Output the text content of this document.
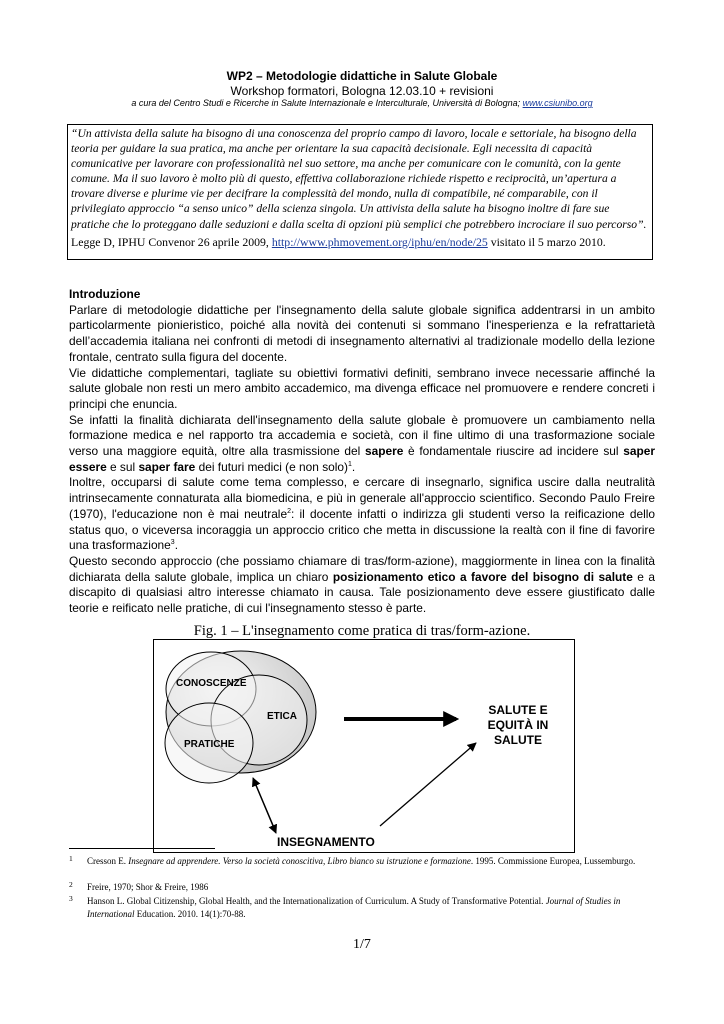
WP2 – Metodologie didattiche in Salute Globale
Workshop formatori, Bologna 12.03.10 + revisioni
a cura del Centro Studi e Ricerche in Salute Internazionale e Interculturale, Università di Bologna; www.csiunibo.org

“Un attivista della salute ha bisogno di una conoscenza del proprio campo di lavoro, locale e settoriale, ha bisogno della teoria per guidare la sua pratica, ma anche per orientare la sua capacità decisionale. Egli necessita di capacità comunicative per lavorare con professionalità nel suo settore, ma anche per comunicare con le comunità, con la gente comune. Ma il suo lavoro è molto più di questo, effettiva collaborazione richiede rispetto e reciprocità, un’apertura a trovare diverse e plurime vie per decifrare la complessità del mondo, nulla di compatibile, né comparabile, con il privilegiato approccio “a senso unico” della scienza singola. Un attivista della salute ha bisogno inoltre di fare sue pratiche che lo proteggano dalle seduzioni e dalla scelta di opzioni più semplici che potrebbero incrociare il suo percorso”.

Legge D, IPHU Convenor 26 aprile 2009, http://www.phmovement.org/iphu/en/node/25 visitato il 5 marzo 2010.

Introduzione

Parlare di metodologie didattiche per l'insegnamento della salute globale significa addentrarsi in un ambito particolarmente pionieristico, poiché alla novità dei contenuti si sommano l'inesperienza e la refrattarietà dell’accademia italiana nei confronti di metodi di insegnamento alternativi al tradizionale modello della lezione frontale, centrato sulla figura del docente.

Vie didattiche complementari, tagliate su obiettivi formativi definiti, sembrano invece necessarie affinché la salute globale non resti un mero ambito accademico, ma divenga efficace nel promuovere e rendere concreti i principi che enuncia.

Se infatti la finalità dichiarata dell'insegnamento della salute globale è promuovere un cambiamento nella formazione medica e nel rapporto tra accademia e società, con il fine ultimo di una trasformazione sociale verso una maggiore equità, oltre alla trasmissione del sapere è fondamentale riuscire ad incidere sul saper essere e sul saper fare dei futuri medici (e non solo)$^1$.

Inoltre, occuparsi di salute come tema complesso, e cercare di insegnarlo, significa uscire dalla neutralità intrinsecamente connaturata alla biomedicina, e più in generale all'approccio scientifico. Secondo Paulo Freire (1970), l'educazione non è mai neutrale$^2$: il docente infatti o indirizza gli studenti verso la reificazione dello status quo, o viceversa incoraggia un approccio critico che metta in discussione la realtà con il fine di favorire una trasformazione$^3$.

Questo secondo approccio (che possiamo chiamare di tras/form-azione), maggiormente in linea con la finalità dichiarata della salute globale, implica un chiaro posizionamento etico a favore del bisogno di salute e a discapito di qualsiasi altro interesse chiamato in causa. Tale posizionamento deve essere giustificato dalle teorie e reificato nelle pratiche, di cui l'insegnamento stesso è parte.

Fig. 1 – L'insegnamento come pratica di tras/form-azione.
CONOSCENZE
ETICA
PRATICHE
SALUTE E EQUITÀ IN SALUTE
INSEGNAMENTO
1 Cresson E. Insegnare ad apprendere. Verso la società conoscitiva, Libro bianco su istruzione e formazione. 1995. Commissione Europea, Lussemburgo.
2 Freire, 1970; Shor & Freire, 1986
3 Hanson L. Global Citizenship, Global Health, and the Internationalization of Curriculum. A Study of Transformative Potential. Journal of Studies in International Education. 2010. 14(1):70-88.
1/7
